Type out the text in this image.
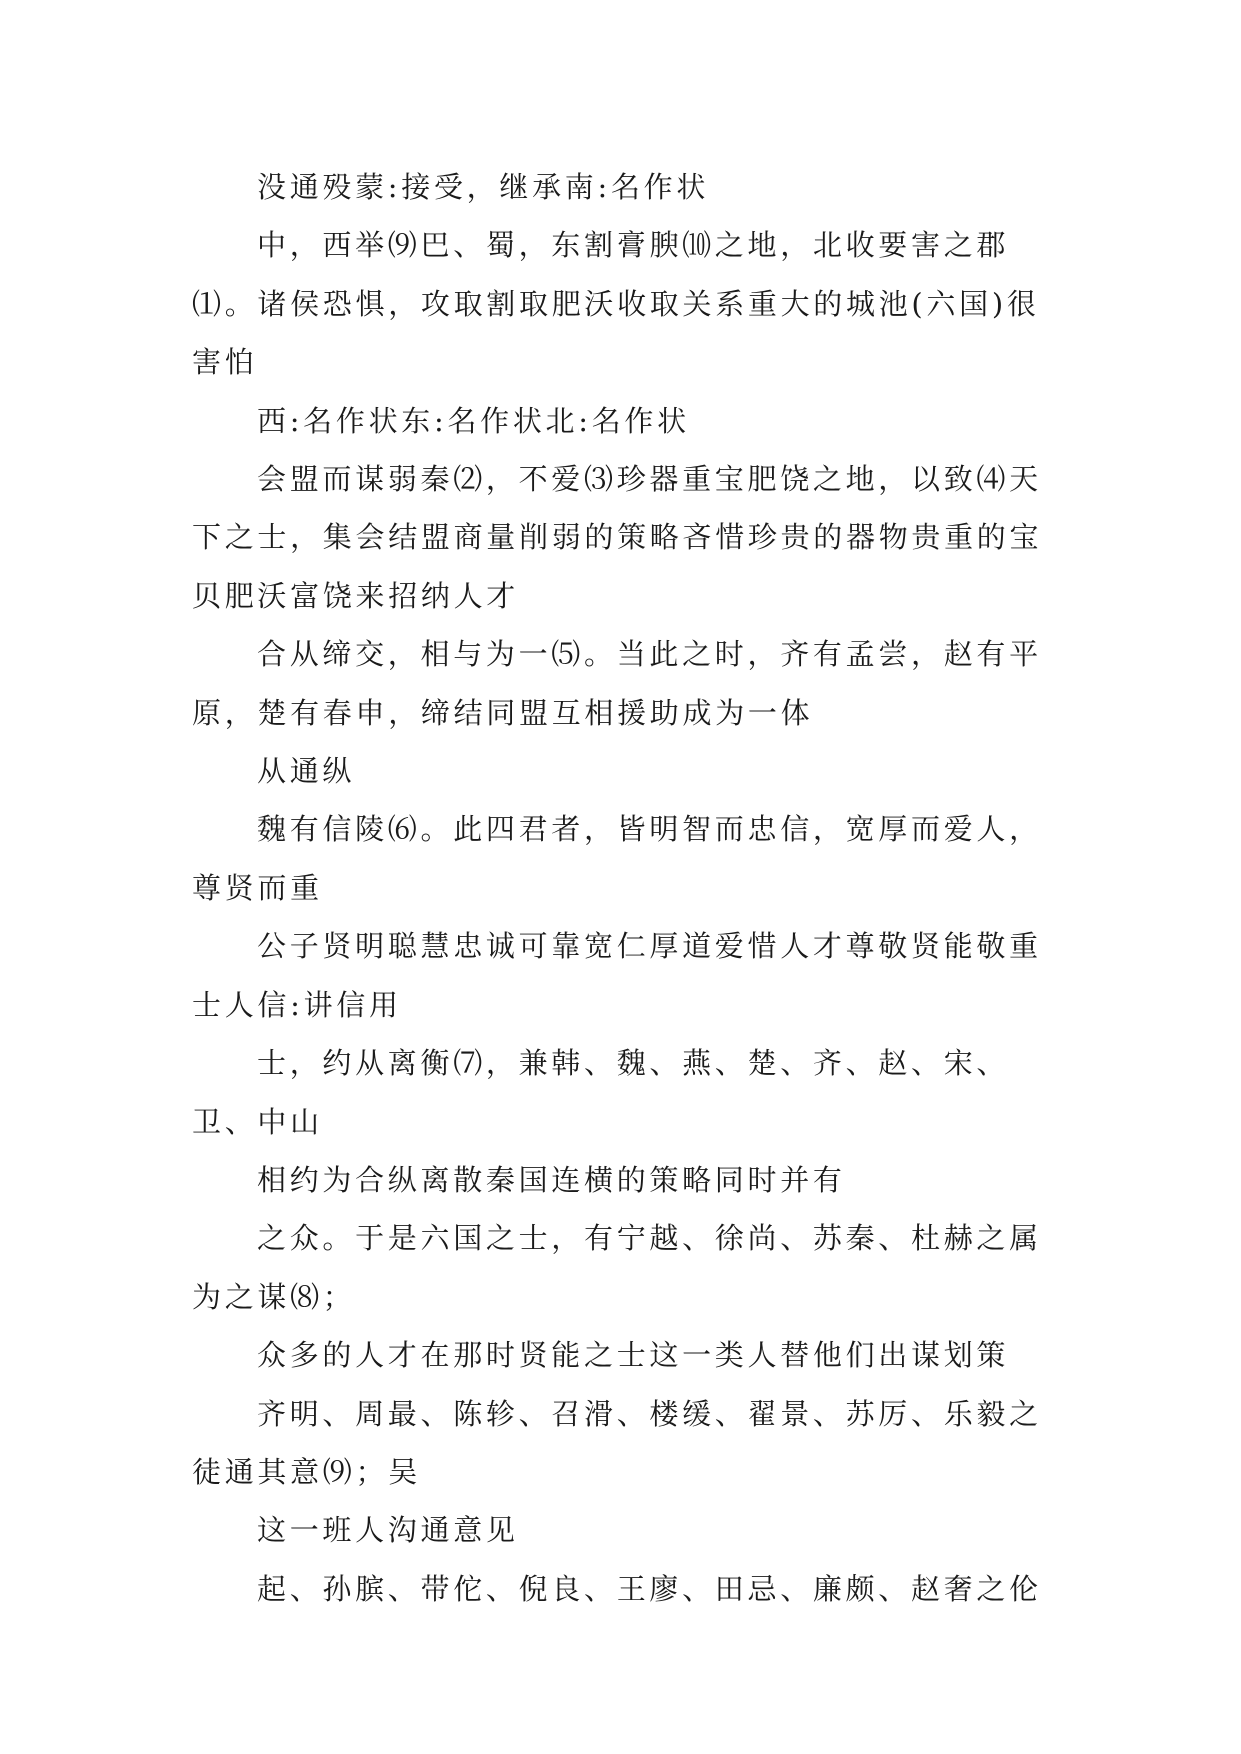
没通殁蒙:接受，继承南:名作状

中，西举⑼巴、蜀，东割膏腴⑽之地，北收要害之郡⑴。诸侯恐惧，攻取割取肥沃收取关系重大的城池(六国)很害怕

西:名作状东:名作状北:名作状

会盟而谋弱秦⑵，不爱⑶珍器重宝肥饶之地，以致⑷天下之士，集会结盟商量削弱的策略吝惜珍贵的器物贵重的宝贝肥沃富饶来招纳人才

合从缔交，相与为一⑸。当此之时，齐有孟尝，赵有平原，楚有春申，缔结同盟互相援助成为一体

从通纵

魏有信陵⑹。此四君者，皆明智而忠信，宽厚而爱人，尊贤而重

公子贤明聪慧忠诚可靠宽仁厚道爱惜人才尊敬贤能敬重士人信:讲信用

士，约从离衡⑺，兼韩、魏、燕、楚、齐、赵、宋、卫、中山

相约为合纵离散秦国连横的策略同时并有

之众。于是六国之士，有宁越、徐尚、苏秦、杜赫之属为之谋⑻；

众多的人才在那时贤能之士这一类人替他们出谋划策

齐明、周最、陈轸、召滑、楼缓、翟景、苏厉、乐毅之徒通其意⑼；吴

这一班人沟通意见

起、孙膑、带佗、倪良、王廖、田忌、廉颇、赵奢之伦
